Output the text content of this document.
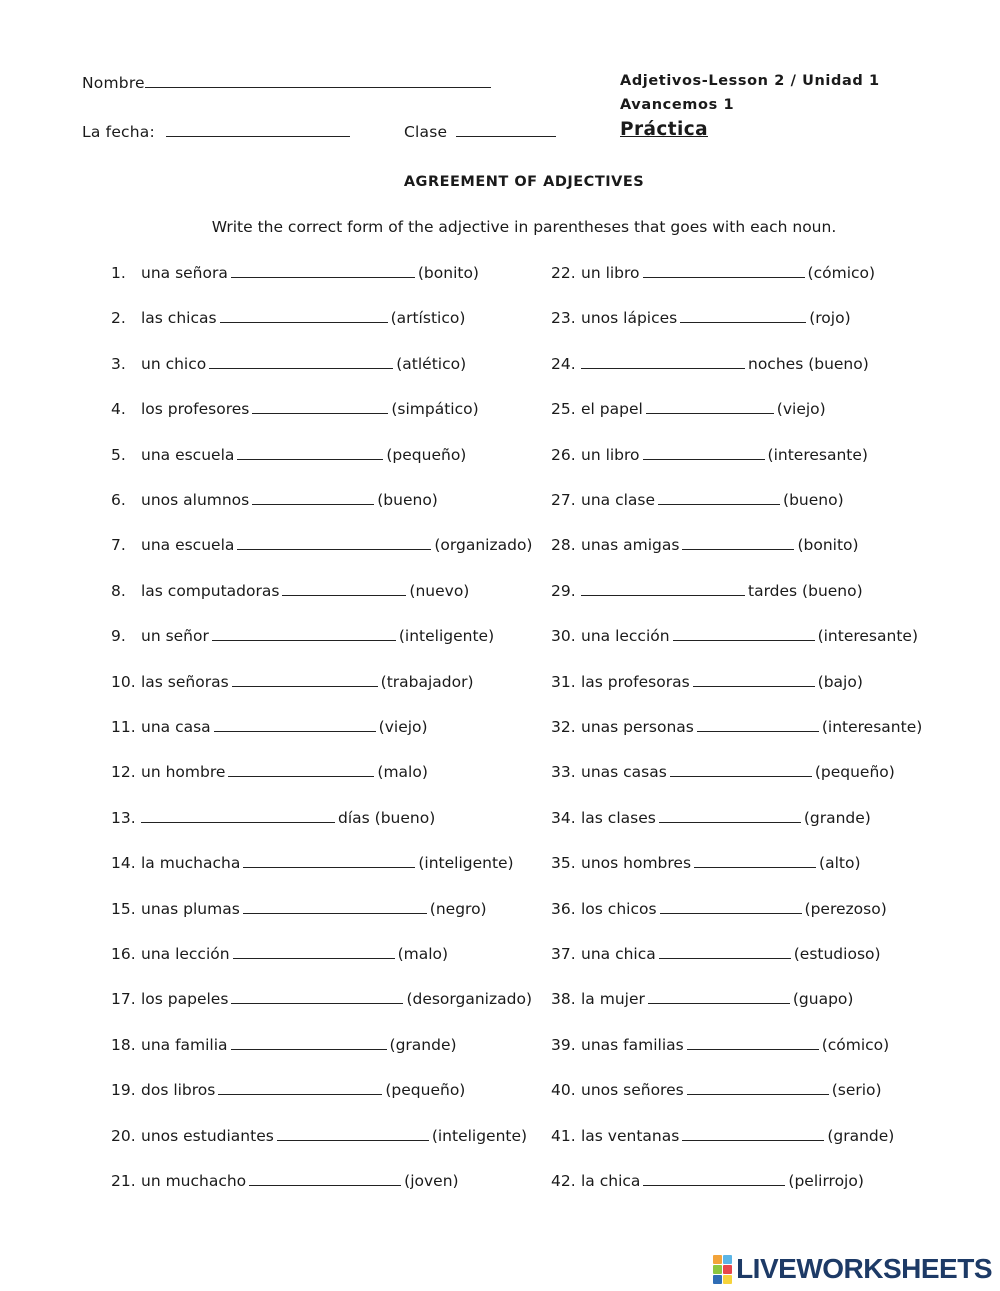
Nombre
La fecha:	Clase
Adjetivos-Lesson 2 / Unidad 1
Avancemos 1
Práctica
AGREEMENT OF ADJECTIVES
Write the correct form of the adjective in parentheses that goes with each noun.
1. una señora	(bonito)
2. las chicas	(artístico)
3. un chico	(atlético)
4. los profesores	(simpático)
5. una escuela	(pequeño)
6. unos alumnos	(bueno)
7. una escuela	(organizado)
8. las computadoras	(nuevo)
9. un señor	(inteligente)
10. las señoras	(trabajador)
11. una casa	(viejo)
12. un hombre	(malo)
13.	días (bueno)
14. la muchacha	(inteligente)
15. unas plumas	(negro)
16. una lección	(malo)
17. los papeles	(desorganizado)
18. una familia	(grande)
19. dos libros	(pequeño)
20. unos estudiantes	(inteligente)
21. un muchacho	(joven)
22. un libro	(cómico)
23. unos lápices	(rojo)
24.	noches (bueno)
25. el papel	(viejo)
26. un libro	(interesante)
27. una clase	(bueno)
28. unas amigas	(bonito)
29.	tardes (bueno)
30. una lección	(interesante)
31. las profesoras	(bajo)
32. unas personas	(interesante)
33. unas casas	(pequeño)
34. las clases	(grande)
35. unos hombres	(alto)
36. los chicos	(perezoso)
37. una chica	(estudioso)
38. la mujer	(guapo)
39. unas familias	(cómico)
40. unos señores	(serio)
41. las ventanas	(grande)
42. la chica	(pelirrojo)
LIVEWORKSHEETS
